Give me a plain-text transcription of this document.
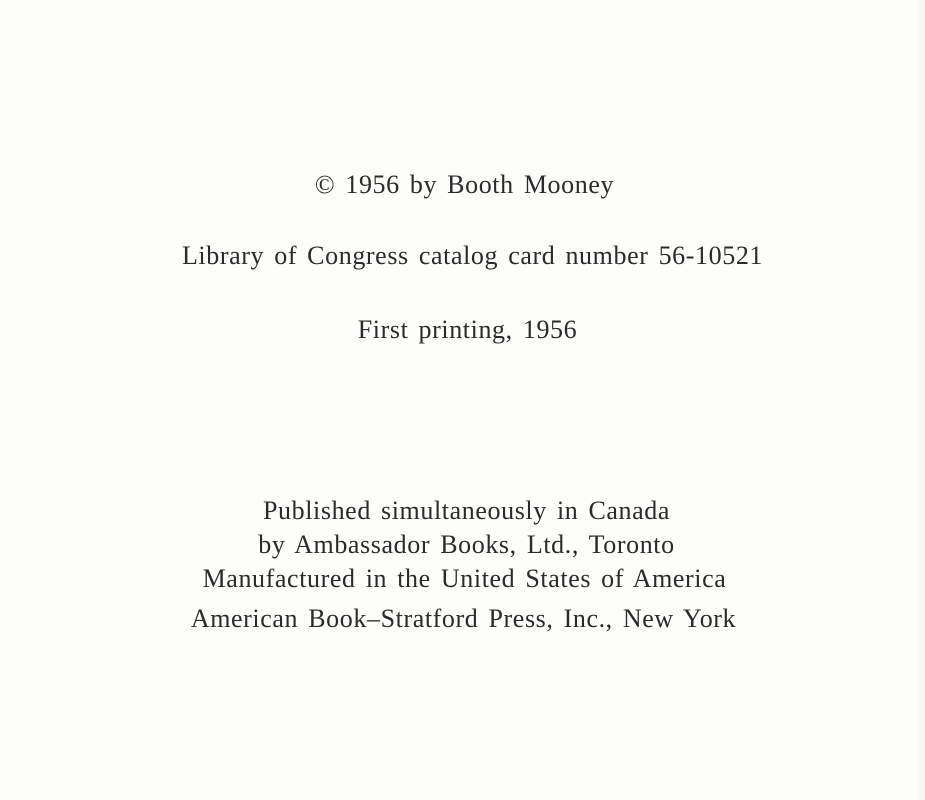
© 1956 by Booth Mooney
Library of Congress catalog card number 56-10521
First printing, 1956
Published simultaneously in Canada
by Ambassador Books, Ltd., Toronto
Manufactured in the United States of America
American Book–Stratford Press, Inc., New York
